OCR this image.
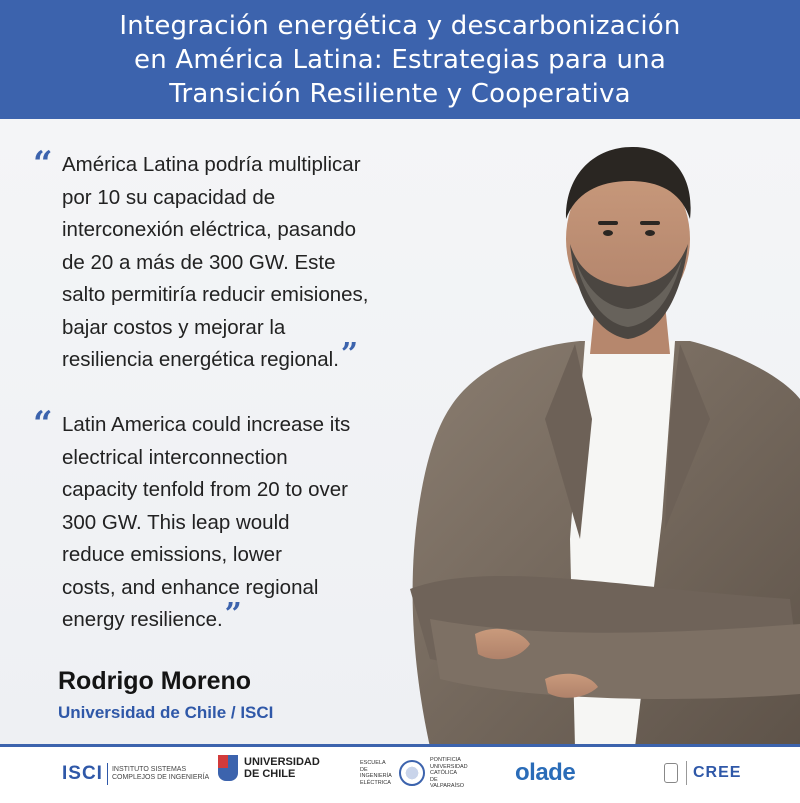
Integración energética y descarbonización
en América Latina: Estrategias para una
Transición Resiliente y Cooperativa
“ América Latina podría multiplicar
por 10 su capacidad de
interconexión eléctrica, pasando
de 20 a más de 300 GW. Este
salto permitiría reducir emisiones,
bajar costos y mejorar la
resiliencia energética regional.”
“ Latin America could increase its
electrical interconnection
capacity tenfold from 20 to over
300 GW. This leap would
reduce emissions, lower
costs, and enhance regional
energy resilience.”
Rodrigo Moreno
Universidad de Chile / ISCI
ISCI INSTITUTO SISTEMAS COMPLEJOS DE INGENIERÍA
UNIVERSIDAD
DE CHILE
ESCUELA DE INGENIERÍA ELÉCTRICA
PONTIFICIA UNIVERSIDAD CATÓLICA DE VALPARAÍSO olade	CREE
